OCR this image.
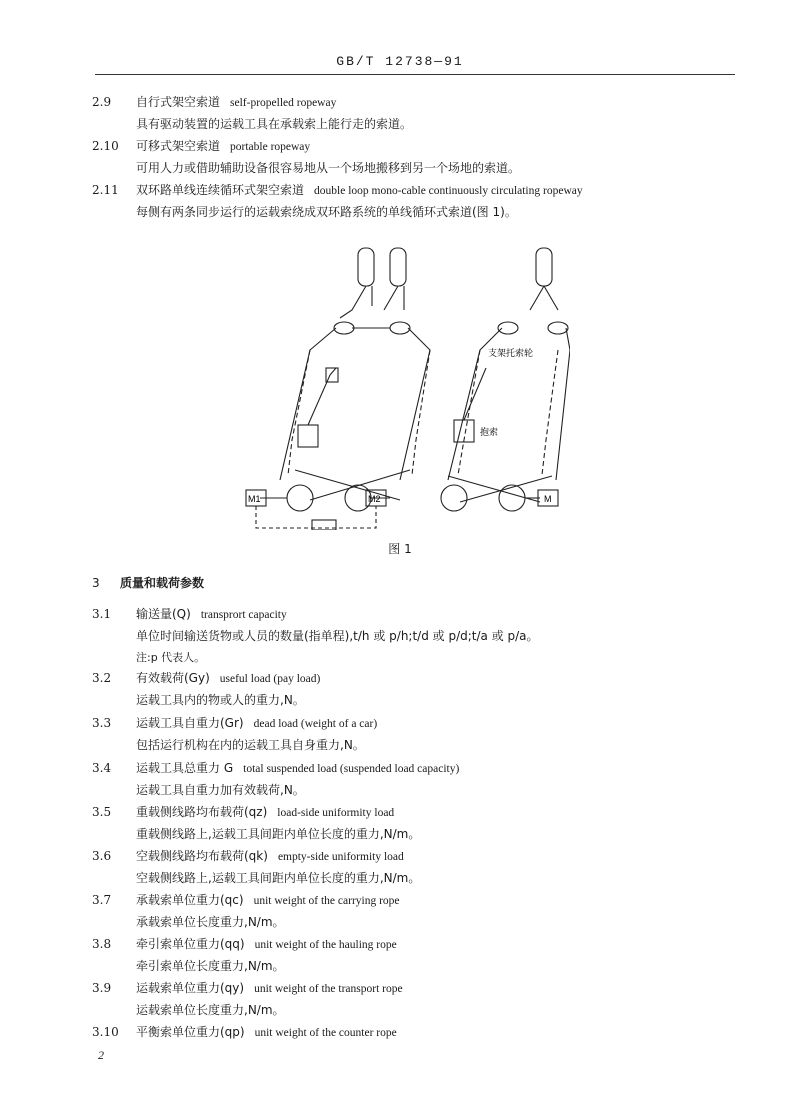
GB/T 12738—91
2.9 自行式架空索道 self-propelled ropeway
具有驱动装置的运载工具在承载索上能行走的索道。
2.10 可移式架空索道 portable ropeway
可用人力或借助辅助设备很容易地从一个场地搬移到另一个场地的索道。
2.11 双环路单线连续循环式架空索道 double loop mono-cable continuously circulating ropeway
每侧有两条同步运行的运载索绕成双环路系统的单线循环式索道(图 1)。
M1	M2	M
支架托索轮
抱索
图 1
3 质量和载荷参数
3.1 输送量(Q) transprort capacity
单位时间输送货物或人员的数量(指单程),t/h 或 p/h;t/d 或 p/d;t/a 或 p/a。
注:p 代表人。
3.2 有效载荷(Gy) useful load (pay load)
运载工具内的物或人的重力,N。
3.3 运载工具自重力(Gr) dead load (weight of a car)
包括运行机构在内的运载工具自身重力,N。
3.4 运载工具总重力 G total suspended load (suspended load capacity)
运载工具自重力加有效载荷,N。
3.5 重载侧线路均布载荷(qz) load-side uniformity load
重载侧线路上,运载工具间距内单位长度的重力,N/m。
3.6 空载侧线路均布载荷(qk) empty-side uniformity load
空载侧线路上,运载工具间距内单位长度的重力,N/m。
3.7 承载索单位重力(qc) unit weight of the carrying rope
承载索单位长度重力,N/m。
3.8 牵引索单位重力(qq) unit weight of the hauling rope
牵引索单位长度重力,N/m。
3.9 运载索单位重力(qy) unit weight of the transport rope
运载索单位长度重力,N/m。
3.10 平衡索单位重力(qp) unit weight of the counter rope
2
